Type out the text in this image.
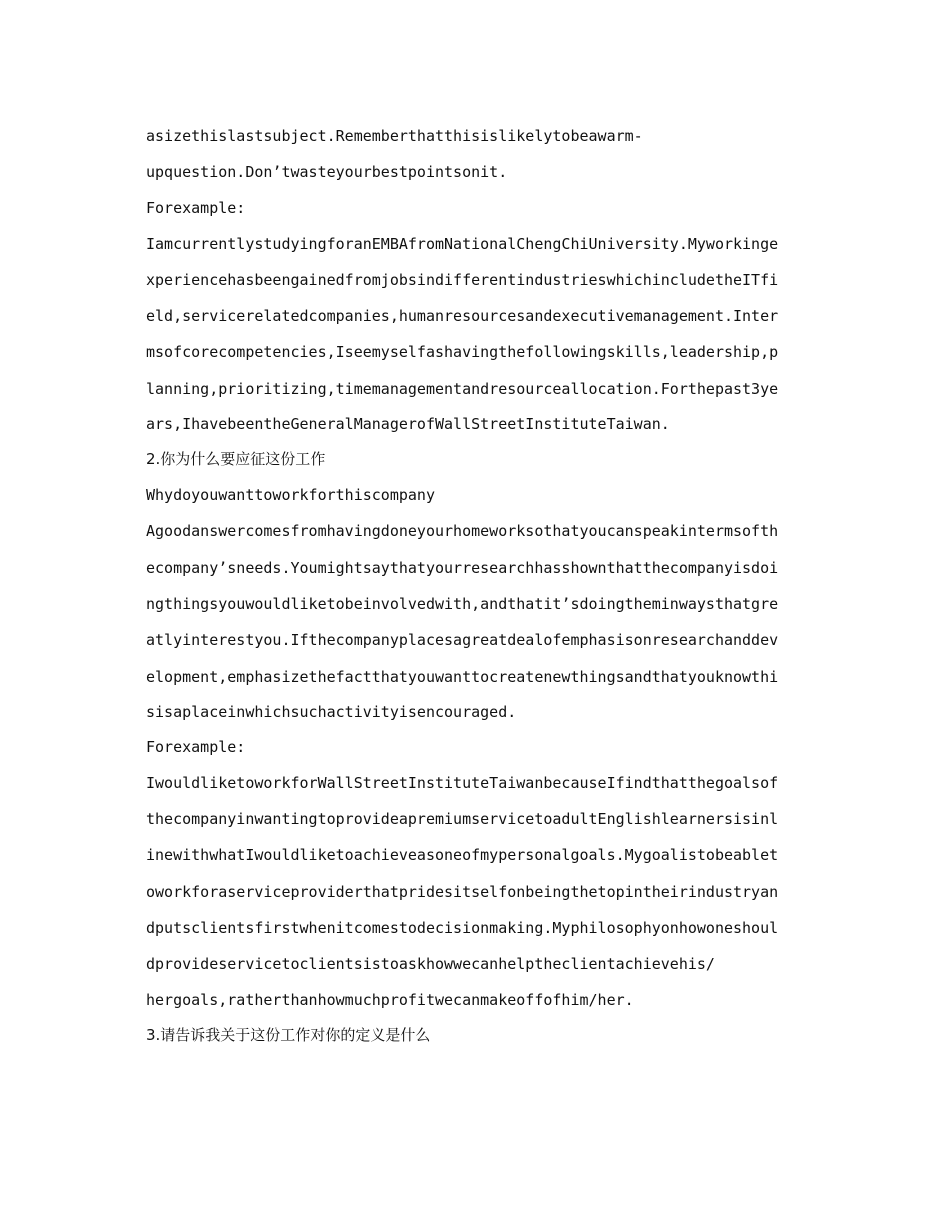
asizethislastsubject.Rememberthatthisislikelytobeawarm-
upquestion.Don’twasteyourbestpointsonit.
Forexample:
IamcurrentlystudyingforanEMBAfromNationalChengChiUniversity.Myworkinge
xperiencehasbeengainedfromjobsindifferentindustrieswhichincludetheITfi
eld,servicerelatedcompanies,humanresourcesandexecutivemanagement.Inter
msofcorecompetencies,Iseemyselfashavingthefollowingskills,leadership,p
lanning,prioritizing,timemanagementandresourceallocation.Forthepast3ye
ars,IhavebeentheGeneralManagerofWallStreetInstituteTaiwan.
2.你为什么要应征这份工作
Whydoyouwanttoworkforthiscompany
Agoodanswercomesfromhavingdoneyourhomeworksothatyoucanspeakintermsofth
ecompany’sneeds.Youmightsaythatyourresearchhasshownthatthecompanyisdoi
ngthingsyouwouldliketobeinvolvedwith,andthatit’sdoingtheminwaysthatgre
atlyinterestyou.Ifthecompanyplacesagreatdealofemphasisonresearchanddev
elopment,emphasizethefactthatyouwanttocreatenewthingsandthatyouknowthi
sisaplaceinwhichsuchactivityisencouraged.
Forexample:
IwouldliketoworkforWallStreetInstituteTaiwanbecauseIfindthatthegoalsof
thecompanyinwantingtoprovideapremiumservicetoadultEnglishlearnersisinl
inewithwhatIwouldliketoachieveasoneofmypersonalgoals.Mygoalistobeablet
oworkforaserviceproviderthatpridesitselfonbeingthetopintheirindustryan
dputsclientsfirstwhenitcomestodecisionmaking.Myphilosophyonhowoneshoul
dprovideservicetoclientsistoaskhowwecanhelptheclientachievehis/
hergoals,ratherthanhowmuchprofitwecanmakeoffofhim/her.
3.请告诉我关于这份工作对你的定义是什么
